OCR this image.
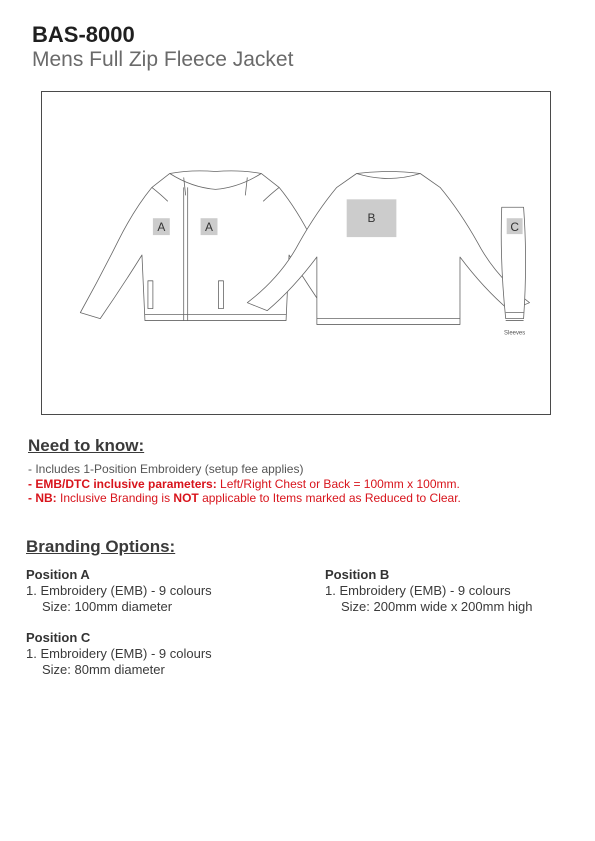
BAS-8000
Mens Full Zip Fleece Jacket
A	A
B
C
Sleeves
Need to know:
- Includes 1-Position Embroidery (setup fee applies)
- EMB/DTC inclusive parameters: Left/Right Chest or Back = 100mm x 100mm.
- NB: Inclusive Branding is NOT applicable to Items marked as Reduced to Clear.
Branding Options:
Position A
1. Embroidery (EMB) - 9 colours
Size: 100mm diameter
Position B
1. Embroidery (EMB) - 9 colours
Size: 200mm wide x 200mm high
Position C
1. Embroidery (EMB) - 9 colours
Size: 80mm diameter
